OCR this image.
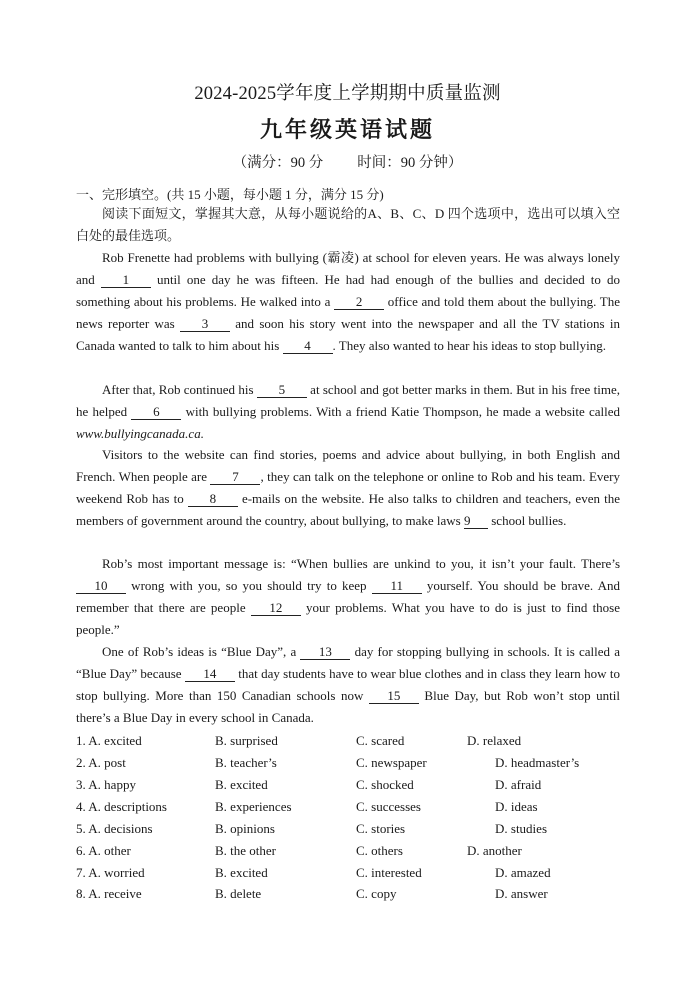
2024-2025学年度上学期期中质量监测
九年级英语试题
（满分：90 分 时间：90 分钟）
一、完形填空。(共 15 小题，每小题 1 分，满分 15 分)
阅读下面短文，掌握其大意，从每小题说给的A、B、C、D 四个选项中，选出可以填入空白处的最佳选项。
Rob Frenette had problems with bullying (霸凌) at school for eleven years. He was always lonely and 1 until one day he was fifteen. He had had enough of the bullies and decided to do something about his problems. He walked into a 2 office and told them about the bullying. The news reporter was 3 and soon his story went into the newspaper and all the TV stations in Canada wanted to talk to him about his 4 . They also wanted to hear his ideas to stop bullying.
After that, Rob continued his 5 at school and got better marks in them. But in his free time, he helped 6 with bullying problems. With a friend Katie Thompson, he made a website called www.bullyingcanada.ca.
Visitors to the website can find stories, poems and advice about bullying, in both English and French. When people are 7 , they can talk on the telephone or online to Rob and his team. Every weekend Rob has to 8 e-mails on the website. He also talks to children and teachers, even the members of government around the country, about bullying, to make laws 9 school bullies.
Rob’s most important message is: “When bullies are unkind to you, it isn’t your fault. There’s 10 wrong with you, so you should try to keep 11 yourself. You should be brave. And remember that there are people 12 your problems. What you have to do is just to find those people.”
One of Rob’s ideas is “Blue Day”, a 13 day for stopping bullying in schools. It is called a “Blue Day” because 14 that day students have to wear blue clothes and in class they learn how to stop bullying. More than 150 Canadian schools now 15 Blue Day, but Rob won’t stop until there’s a Blue Day in every school in Canada.
1. A. excited	B. surprised	C. scared	D. relaxed
2. A. post	B. teacher’s	C. newspaper	D. headmaster’s
3. A. happy	B. excited	C. shocked	D. afraid
4. A. descriptions	B. experiences	C. successes	D. ideas
5. A. decisions	B. opinions	C. stories	D. studies
6. A. other	B. the other	C. others	D. another
7. A. worried	B. excited	C. interested	D. amazed
8. A. receive	B. delete	C. copy	D. answer
